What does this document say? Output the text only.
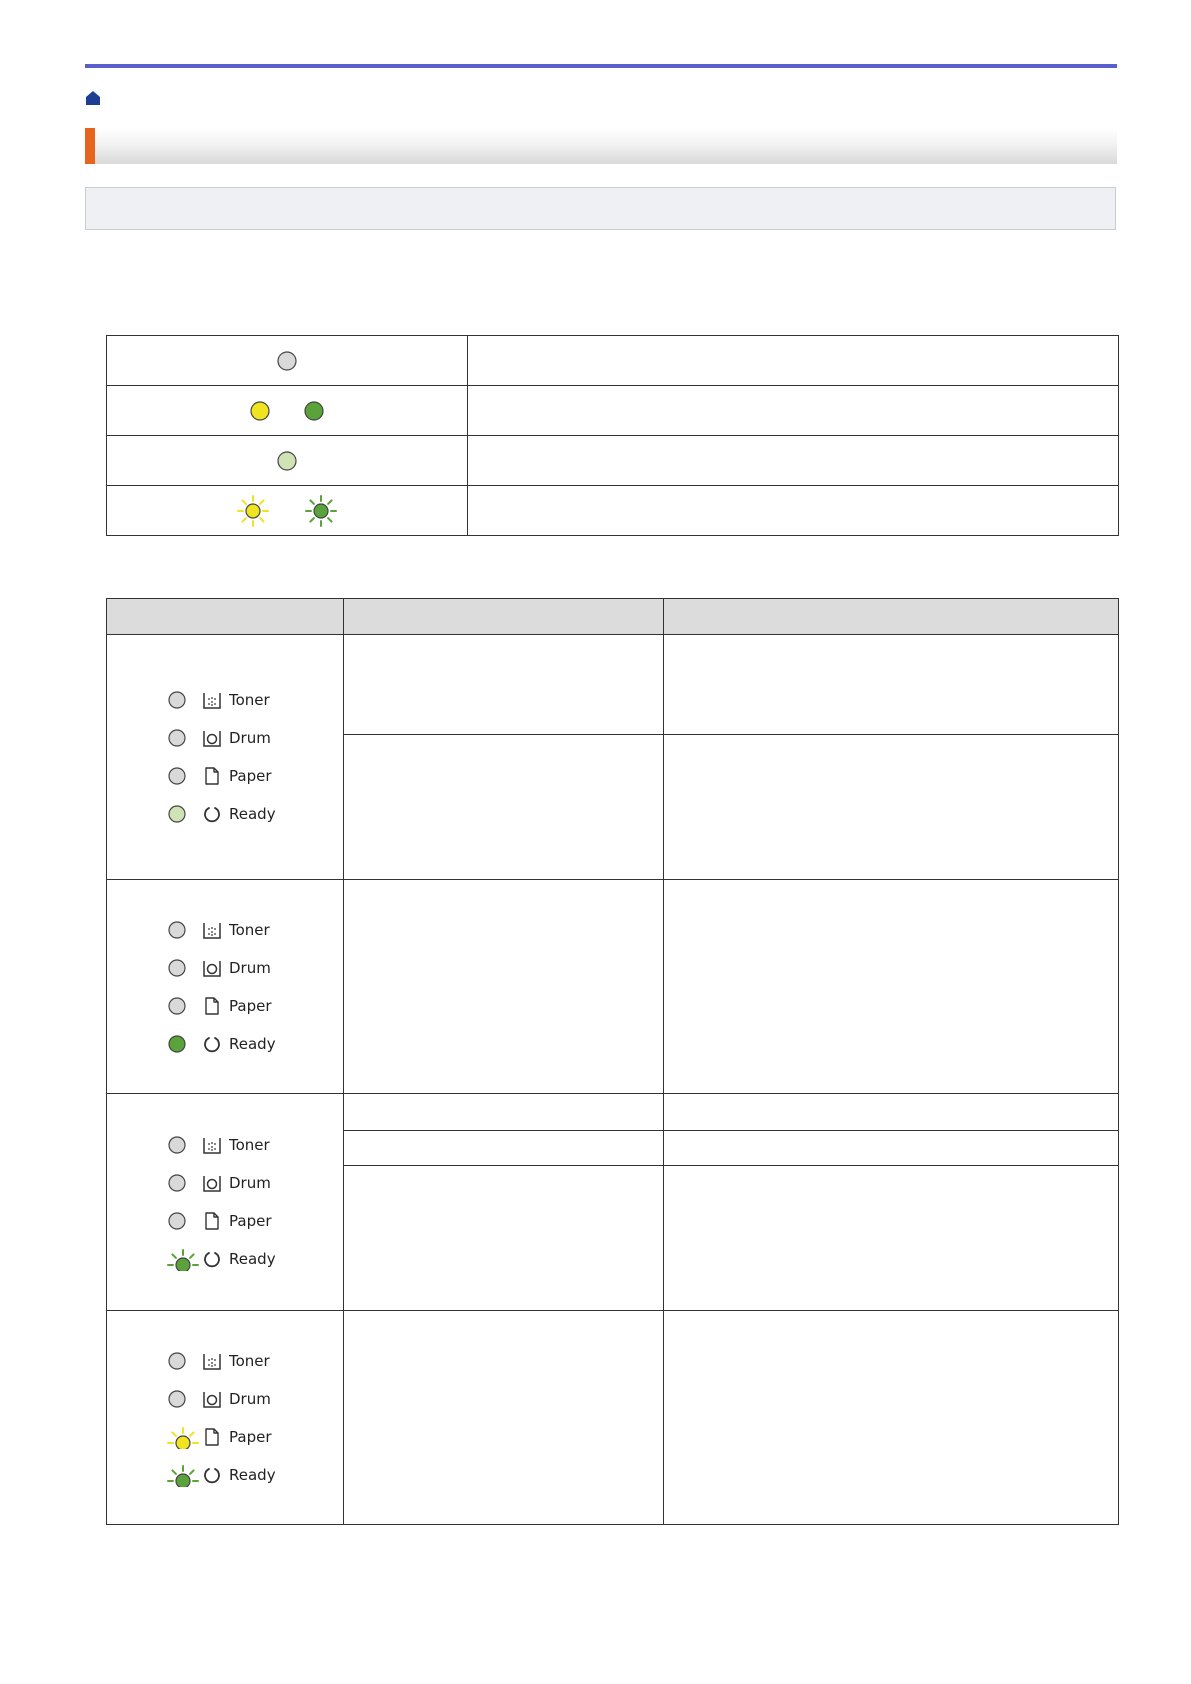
Toner
Drum
Paper
Ready		

Toner
Drum
Paper
Ready		

Toner
Drum
Paper
Ready		

Toner
Drum
Paper
Ready		
